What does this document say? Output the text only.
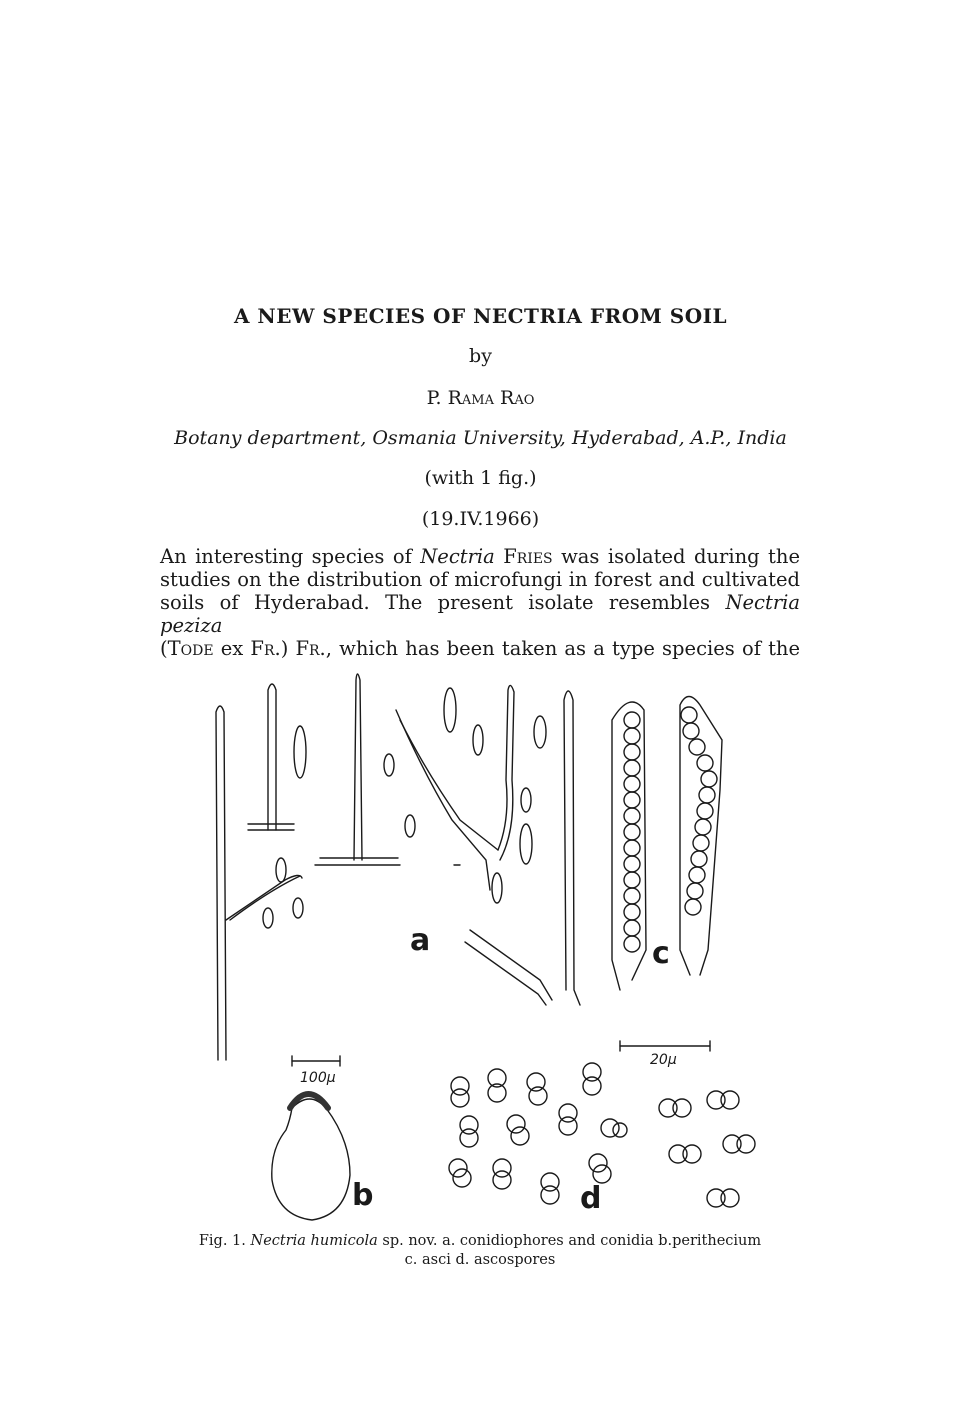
A NEW SPECIES OF NECTRIA FROM SOIL
by
P. Rama Rao
Botany department, Osmania University, Hyderabad, A.P., India
(with 1 fig.)
(19.IV.1966)
An interesting species of Nectria Fries was isolated during the
studies on the distribution of microfungi in forest and cultivated
soils of Hyderabad. The present isolate resembles Nectria peziza
(Tode ex Fr.) Fr., which has been taken as a type species of the
a
b
c
d
100μ
20μ
Fig. 1. Nectria humicola sp. nov. a. conidiophores and conidia b.perithecium
c. asci d. ascospores
